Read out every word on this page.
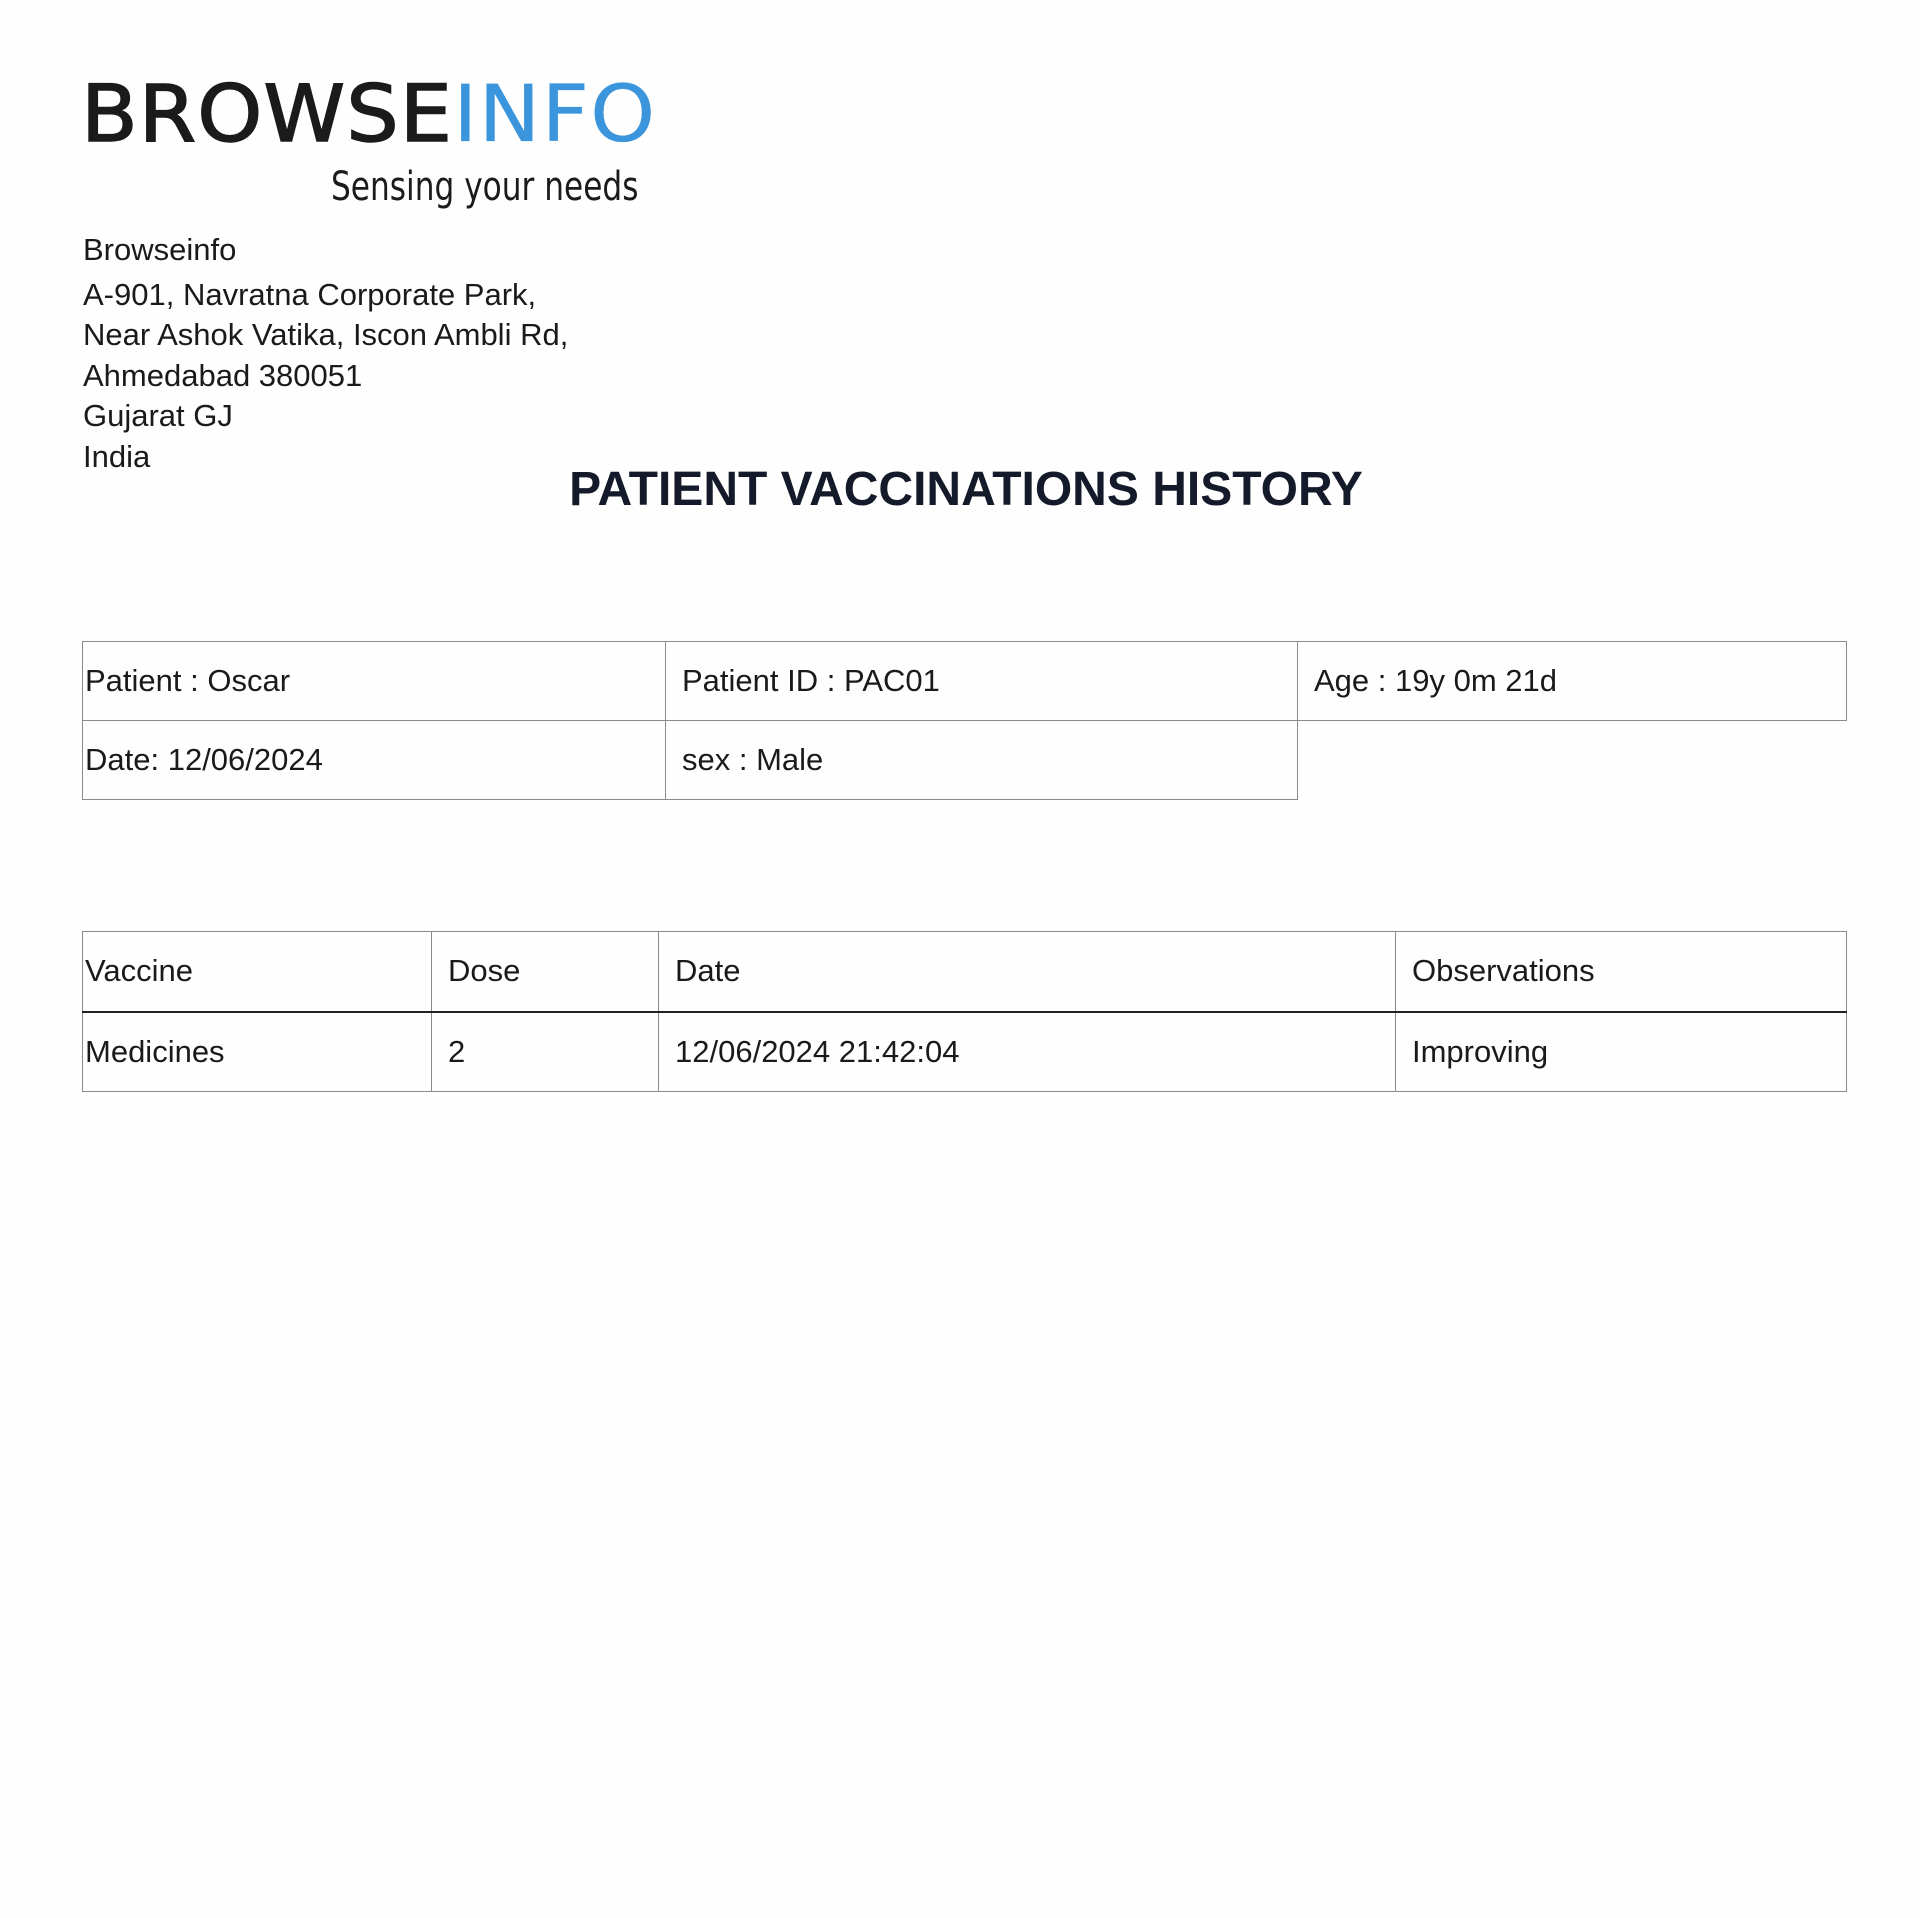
BROWSEINFO
Sensing your needs
Browseinfo
A-901, Navratna Corporate Park,
Near Ashok Vatika, Iscon Ambli Rd,
Ahmedabad 380051
Gujarat GJ
India
PATIENT VACCINATIONS HISTORY
Patient : Oscar	Patient ID : PAC01	Age : 19y 0m 21d
Date: 12/06/2024	sex : Male	
Vaccine	Dose	Date	Observations
Medicines	2	12/06/2024 21:42:04	Improving
